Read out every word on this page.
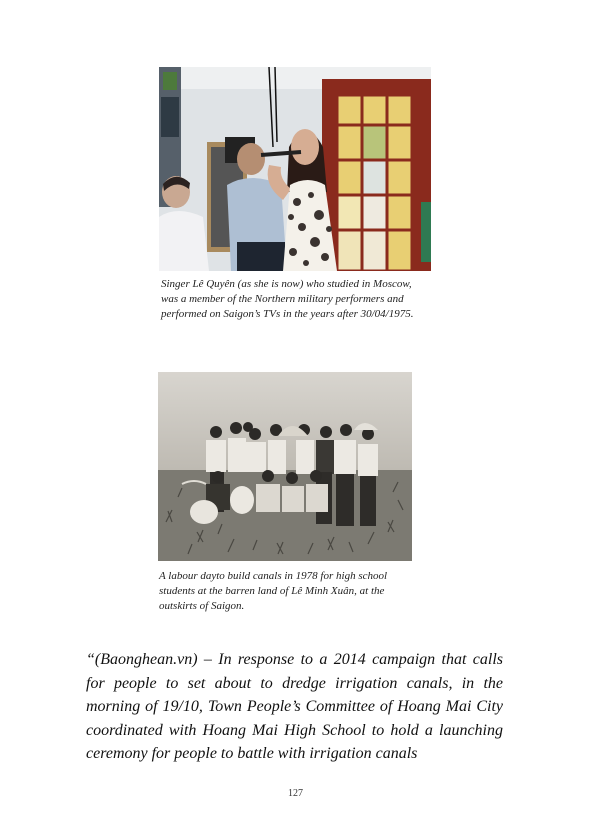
Singer Lê Quyên (as she is now) who studied in Moscow, was a member of the Northern military performers and performed on Saigon’s TVs in the years after 30/04/1975.
A labour dayto build canals in 1978 for high school students at the barren land of Lê Minh Xuân, at the outskirts of Saigon.
“(Baonghean.vn) – In response to a 2014 campaign that calls for people to set about to dredge irrigation canals, in the morning of 19/10, Town People’s Committee of Hoang Mai City coordinated with Hoang Mai High School to hold a launching ceremony for people to battle with irrigation canals
127
